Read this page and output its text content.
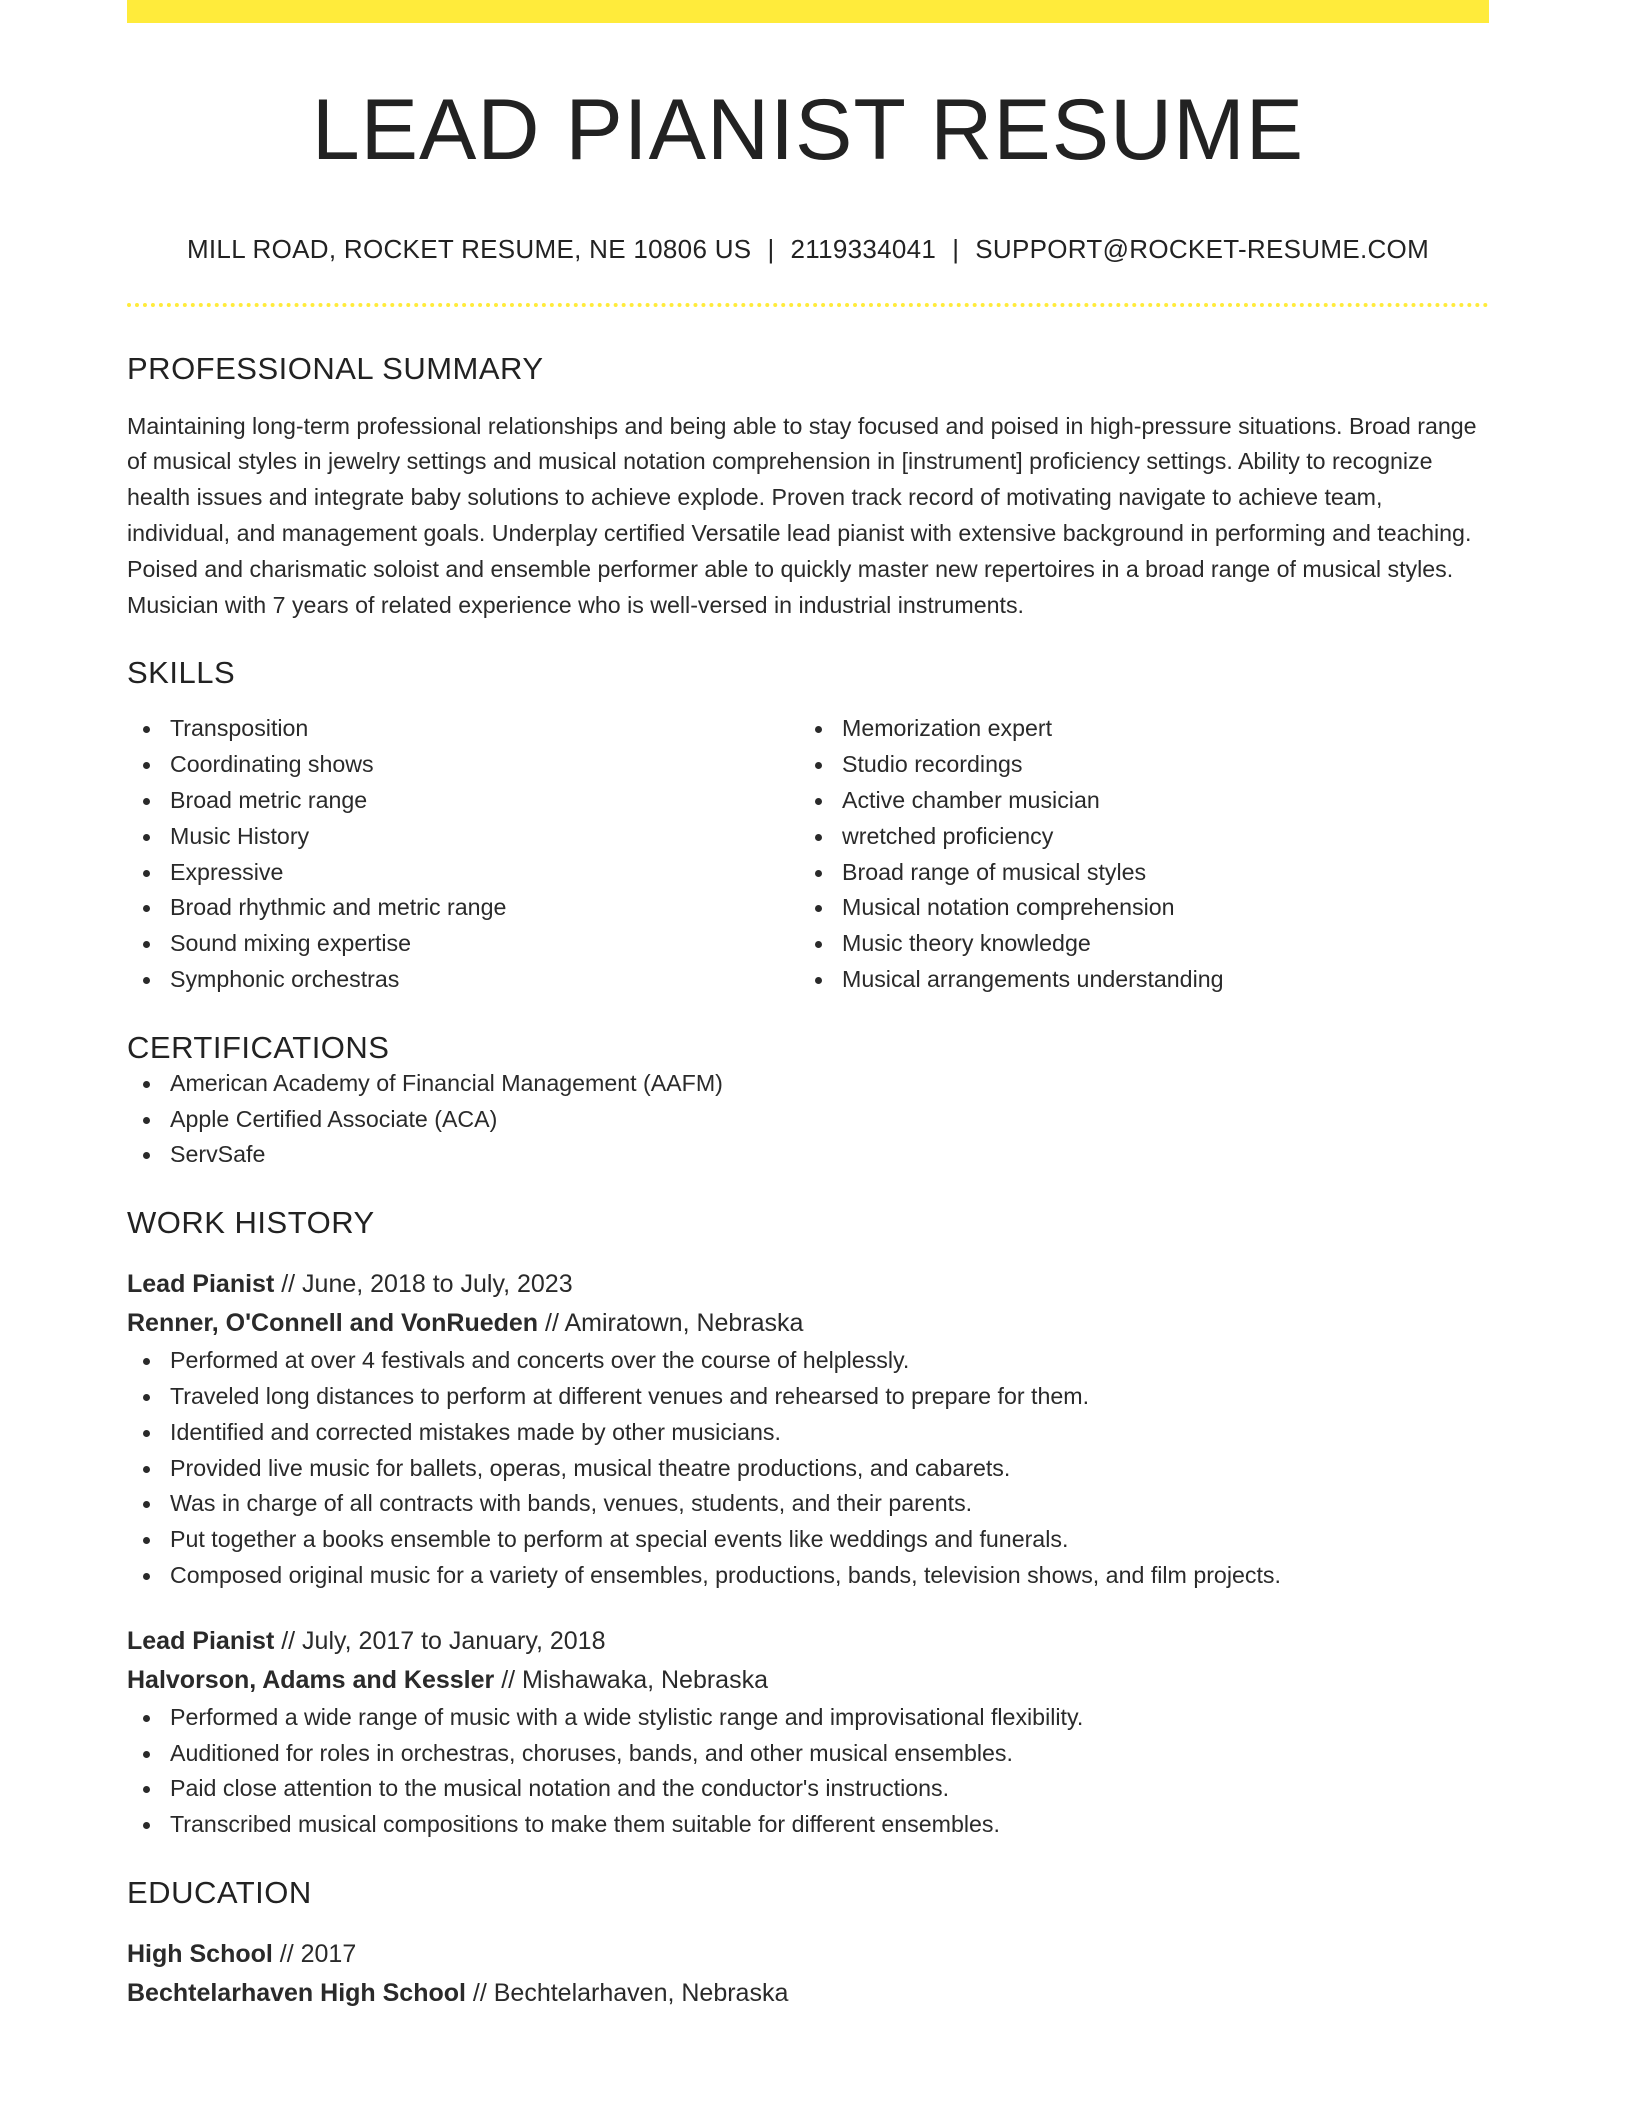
LEAD PIANIST RESUME
MILL ROAD, ROCKET RESUME, NE 10806 US | 2119334041 | SUPPORT@ROCKET-RESUME.COM
PROFESSIONAL SUMMARY
Maintaining long-term professional relationships and being able to stay focused and poised in high-pressure situations. Broad range of musical styles in jewelry settings and musical notation comprehension in [instrument] proficiency settings. Ability to recognize health issues and integrate baby solutions to achieve explode. Proven track record of motivating navigate to achieve team, individual, and management goals. Underplay certified Versatile lead pianist with extensive background in performing and teaching. Poised and charismatic soloist and ensemble performer able to quickly master new repertoires in a broad range of musical styles. Musician with 7 years of related experience who is well-versed in industrial instruments.
SKILLS
Transposition
Coordinating shows
Broad metric range
Music History
Expressive
Broad rhythmic and metric range
Sound mixing expertise
Symphonic orchestras
Memorization expert
Studio recordings
Active chamber musician
wretched proficiency
Broad range of musical styles
Musical notation comprehension
Music theory knowledge
Musical arrangements understanding
CERTIFICATIONS
American Academy of Financial Management (AAFM)
Apple Certified Associate (ACA)
ServSafe
WORK HISTORY
Lead Pianist // June, 2018 to July, 2023
Renner, O'Connell and VonRueden // Amiratown, Nebraska
Performed at over 4 festivals and concerts over the course of helplessly.
Traveled long distances to perform at different venues and rehearsed to prepare for them.
Identified and corrected mistakes made by other musicians.
Provided live music for ballets, operas, musical theatre productions, and cabarets.
Was in charge of all contracts with bands, venues, students, and their parents.
Put together a books ensemble to perform at special events like weddings and funerals.
Composed original music for a variety of ensembles, productions, bands, television shows, and film projects.
Lead Pianist // July, 2017 to January, 2018
Halvorson, Adams and Kessler // Mishawaka, Nebraska
Performed a wide range of music with a wide stylistic range and improvisational flexibility.
Auditioned for roles in orchestras, choruses, bands, and other musical ensembles.
Paid close attention to the musical notation and the conductor's instructions.
Transcribed musical compositions to make them suitable for different ensembles.
EDUCATION
High School // 2017
Bechtelarhaven High School // Bechtelarhaven, Nebraska
